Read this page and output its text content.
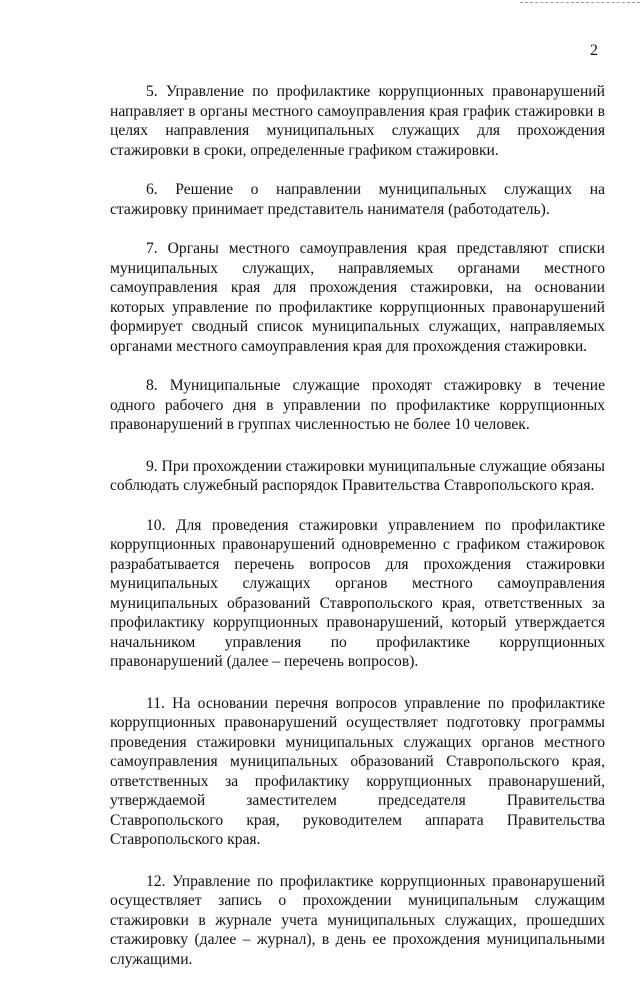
2

5. Управление по профилактике коррупционных правонарушений направляет в органы местного самоуправления края график стажировки в целях направления муниципальных служащих для прохождения стажировки в сроки, определенные графиком стажировки.

6. Решение о направлении муниципальных служащих на стажировку принимает представитель нанимателя (работодатель).

7. Органы местного самоуправления края представляют списки муниципальных служащих, направляемых органами местного самоуправления края для прохождения стажировки, на основании которых управление по профилактике коррупционных правонарушений формирует сводный список муниципальных служащих, направляемых органами местного самоуправления края для прохождения стажировки.

8. Муниципальные служащие проходят стажировку в течение одного рабочего дня в управлении по профилактике коррупционных правонарушений в группах численностью не более 10 человек.

9. При прохождении стажировки муниципальные служащие обязаны соблюдать служебный распорядок Правительства Ставропольского края.

10. Для проведения стажировки управлением по профилактике коррупционных правонарушений одновременно с графиком стажировок разрабатывается перечень вопросов для прохождения стажировки муниципальных служащих органов местного самоуправления муниципальных образований Ставропольского края, ответственных за профилактику коррупционных правонарушений, который утверждается начальником управления по профилактике коррупционных правонарушений (далее – перечень вопросов).

11. На основании перечня вопросов управление по профилактике коррупционных правонарушений осуществляет подготовку программы проведения стажировки муниципальных служащих органов местного самоуправления муниципальных образований Ставропольского края, ответственных за профилактику коррупционных правонарушений, утверждаемой заместителем председателя Правительства Ставропольского края, руководителем аппарата Правительства Ставропольского края.

12. Управление по профилактике коррупционных правонарушений осуществляет запись о прохождении муниципальным служащим стажировки в журнале учета муниципальных служащих, прошедших стажировку (далее – журнал), в день ее прохождения муниципальными служащими.
